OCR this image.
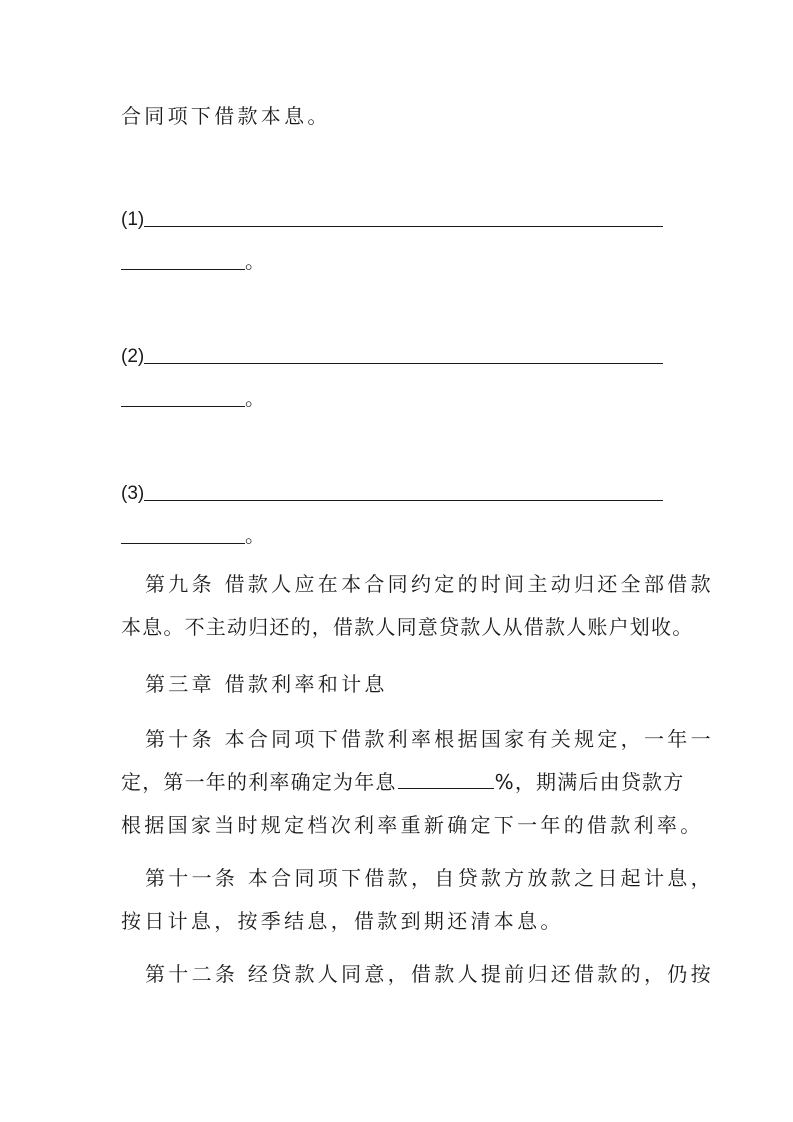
合同项下借款本息。
(1)
。
(2)
。
(3)
。
第九条 借款人应在本合同约定的时间主动归还全部借款
本息。不主动归还的，借款人同意贷款人从借款人账户划收。
第三章 借款利率和计息
第十条 本合同项下借款利率根据国家有关规定，一年一
定，第一年的利率确定为年息	%，期满后由贷款方
根据国家当时规定档次利率重新确定下一年的借款利率。
第十一条 本合同项下借款，自贷款方放款之日起计息，
按日计息，按季结息，借款到期还清本息。
第十二条 经贷款人同意，借款人提前归还借款的，仍按
